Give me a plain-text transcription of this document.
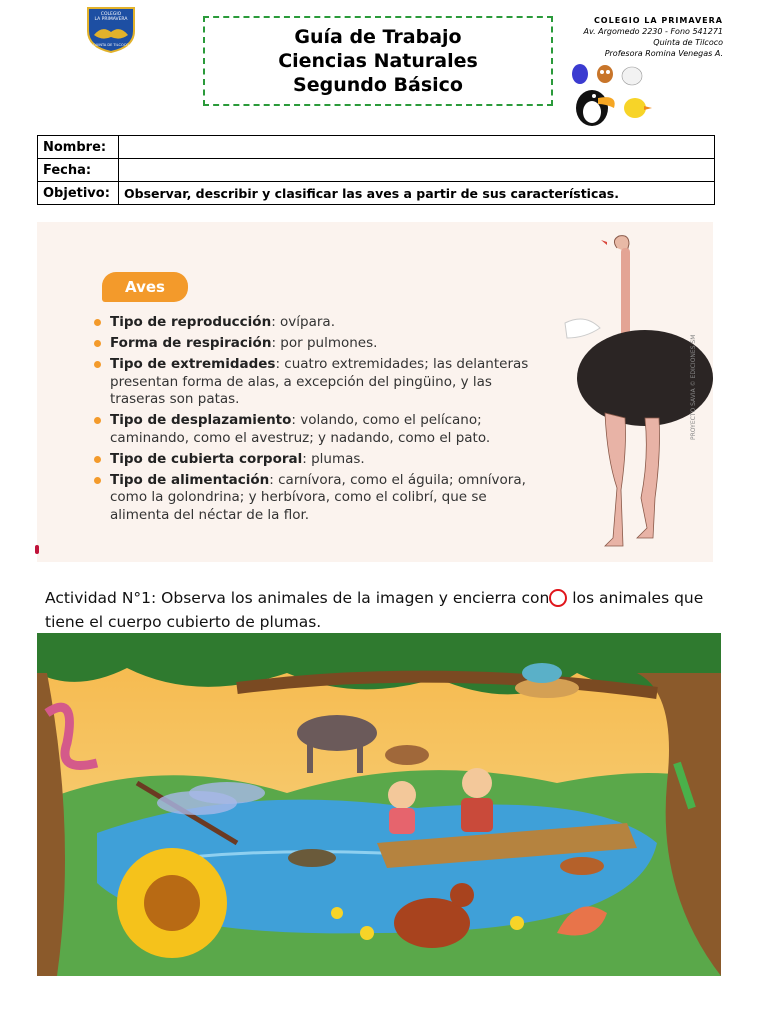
COLEGIO
LA PRIMAVERA
QUINTA DE TILCOCO	Guía de Trabajo
Ciencias Naturales
Segundo Básico
COLEGIO LA PRIMAVERA
Av. Argomedo 2230 - Fono 541271
Quinta de Tilcoco
Profesora Romina Venegas A.
Nombre:	
Fecha:	
Objetivo:	Observar, describir y clasificar las aves a partir de sus características.
Aves
Tipo de reproducción: ovípara.
Forma de respiración: por pulmones.
Tipo de extremidades: cuatro extremidades; las delanteras presentan forma de alas, a excepción del pingüino, y las traseras son patas.
Tipo de desplazamiento: volando, como el pelícano; caminando, como el avestruz; y nadando, como el pato.
Tipo de cubierta corporal: plumas.
Tipo de alimentación: carnívora, como el águila; omnívora, como la golondrina; y herbívora, como el colibrí, que se alimenta del néctar de la flor.
PROYECTO SAVIA © EDICIONES SM
Actividad N°1: Observa los animales de la imagen y encierra con los animales que tiene el cuerpo cubierto de plumas.
